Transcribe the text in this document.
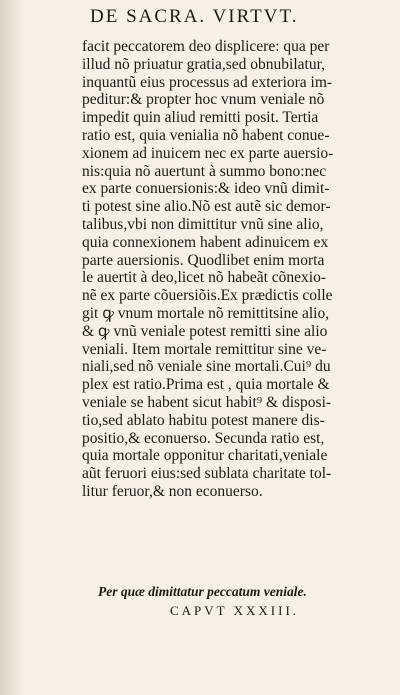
DE SACRA. VIRTVT.
facit peccatorem deo displicere: qua per
illud nõ priuatur gratia,sed obnubilatur,
inquantũ eius processus ad exteriora im-
peditur:& propter hoc vnum veniale nõ
impedit quin aliud remitti posit. Tertia
ratio est, quia venialia nõ habent conue-
xionem ad inuicem nec ex parte auersio-
nis:quia nõ auertunt à summo bono:nec
ex parte conuersionis:& ideo vnũ dimit-
ti potest sine alio.Nõ est autẽ sic demor-
talibus,vbi non dimittitur vnũ sine alio,
quia connexionem habent adinuicem ex
parte auersionis. Quodlibet enim morta
le auertit à deo,licet nõ habeãt cõnexio-
nẽ ex parte cõuersiõis.Ex prædictis colle
git ꝙ vnum mortale nõ remittitsine alio,
& ꝙ vnũ veniale potest remitti sine alio
veniali. Item mortale remittitur sine ve-
niali,sed nõ veniale sine mortali.Cui⁹ du
plex est ratio.Prima est , quia mortale &
veniale se habent sicut habit⁹ & disposi-
tio,sed ablato habitu potest manere dis-
positio,& econuerso. Secunda ratio est,
quia mortale opponitur charitati,veniale
aũt feruori eius:sed sublata charitate tol-
litur feruor,& non econuerso.
Per quæ dimittatur peccatum veniale.
CAPVT XXXIII.
